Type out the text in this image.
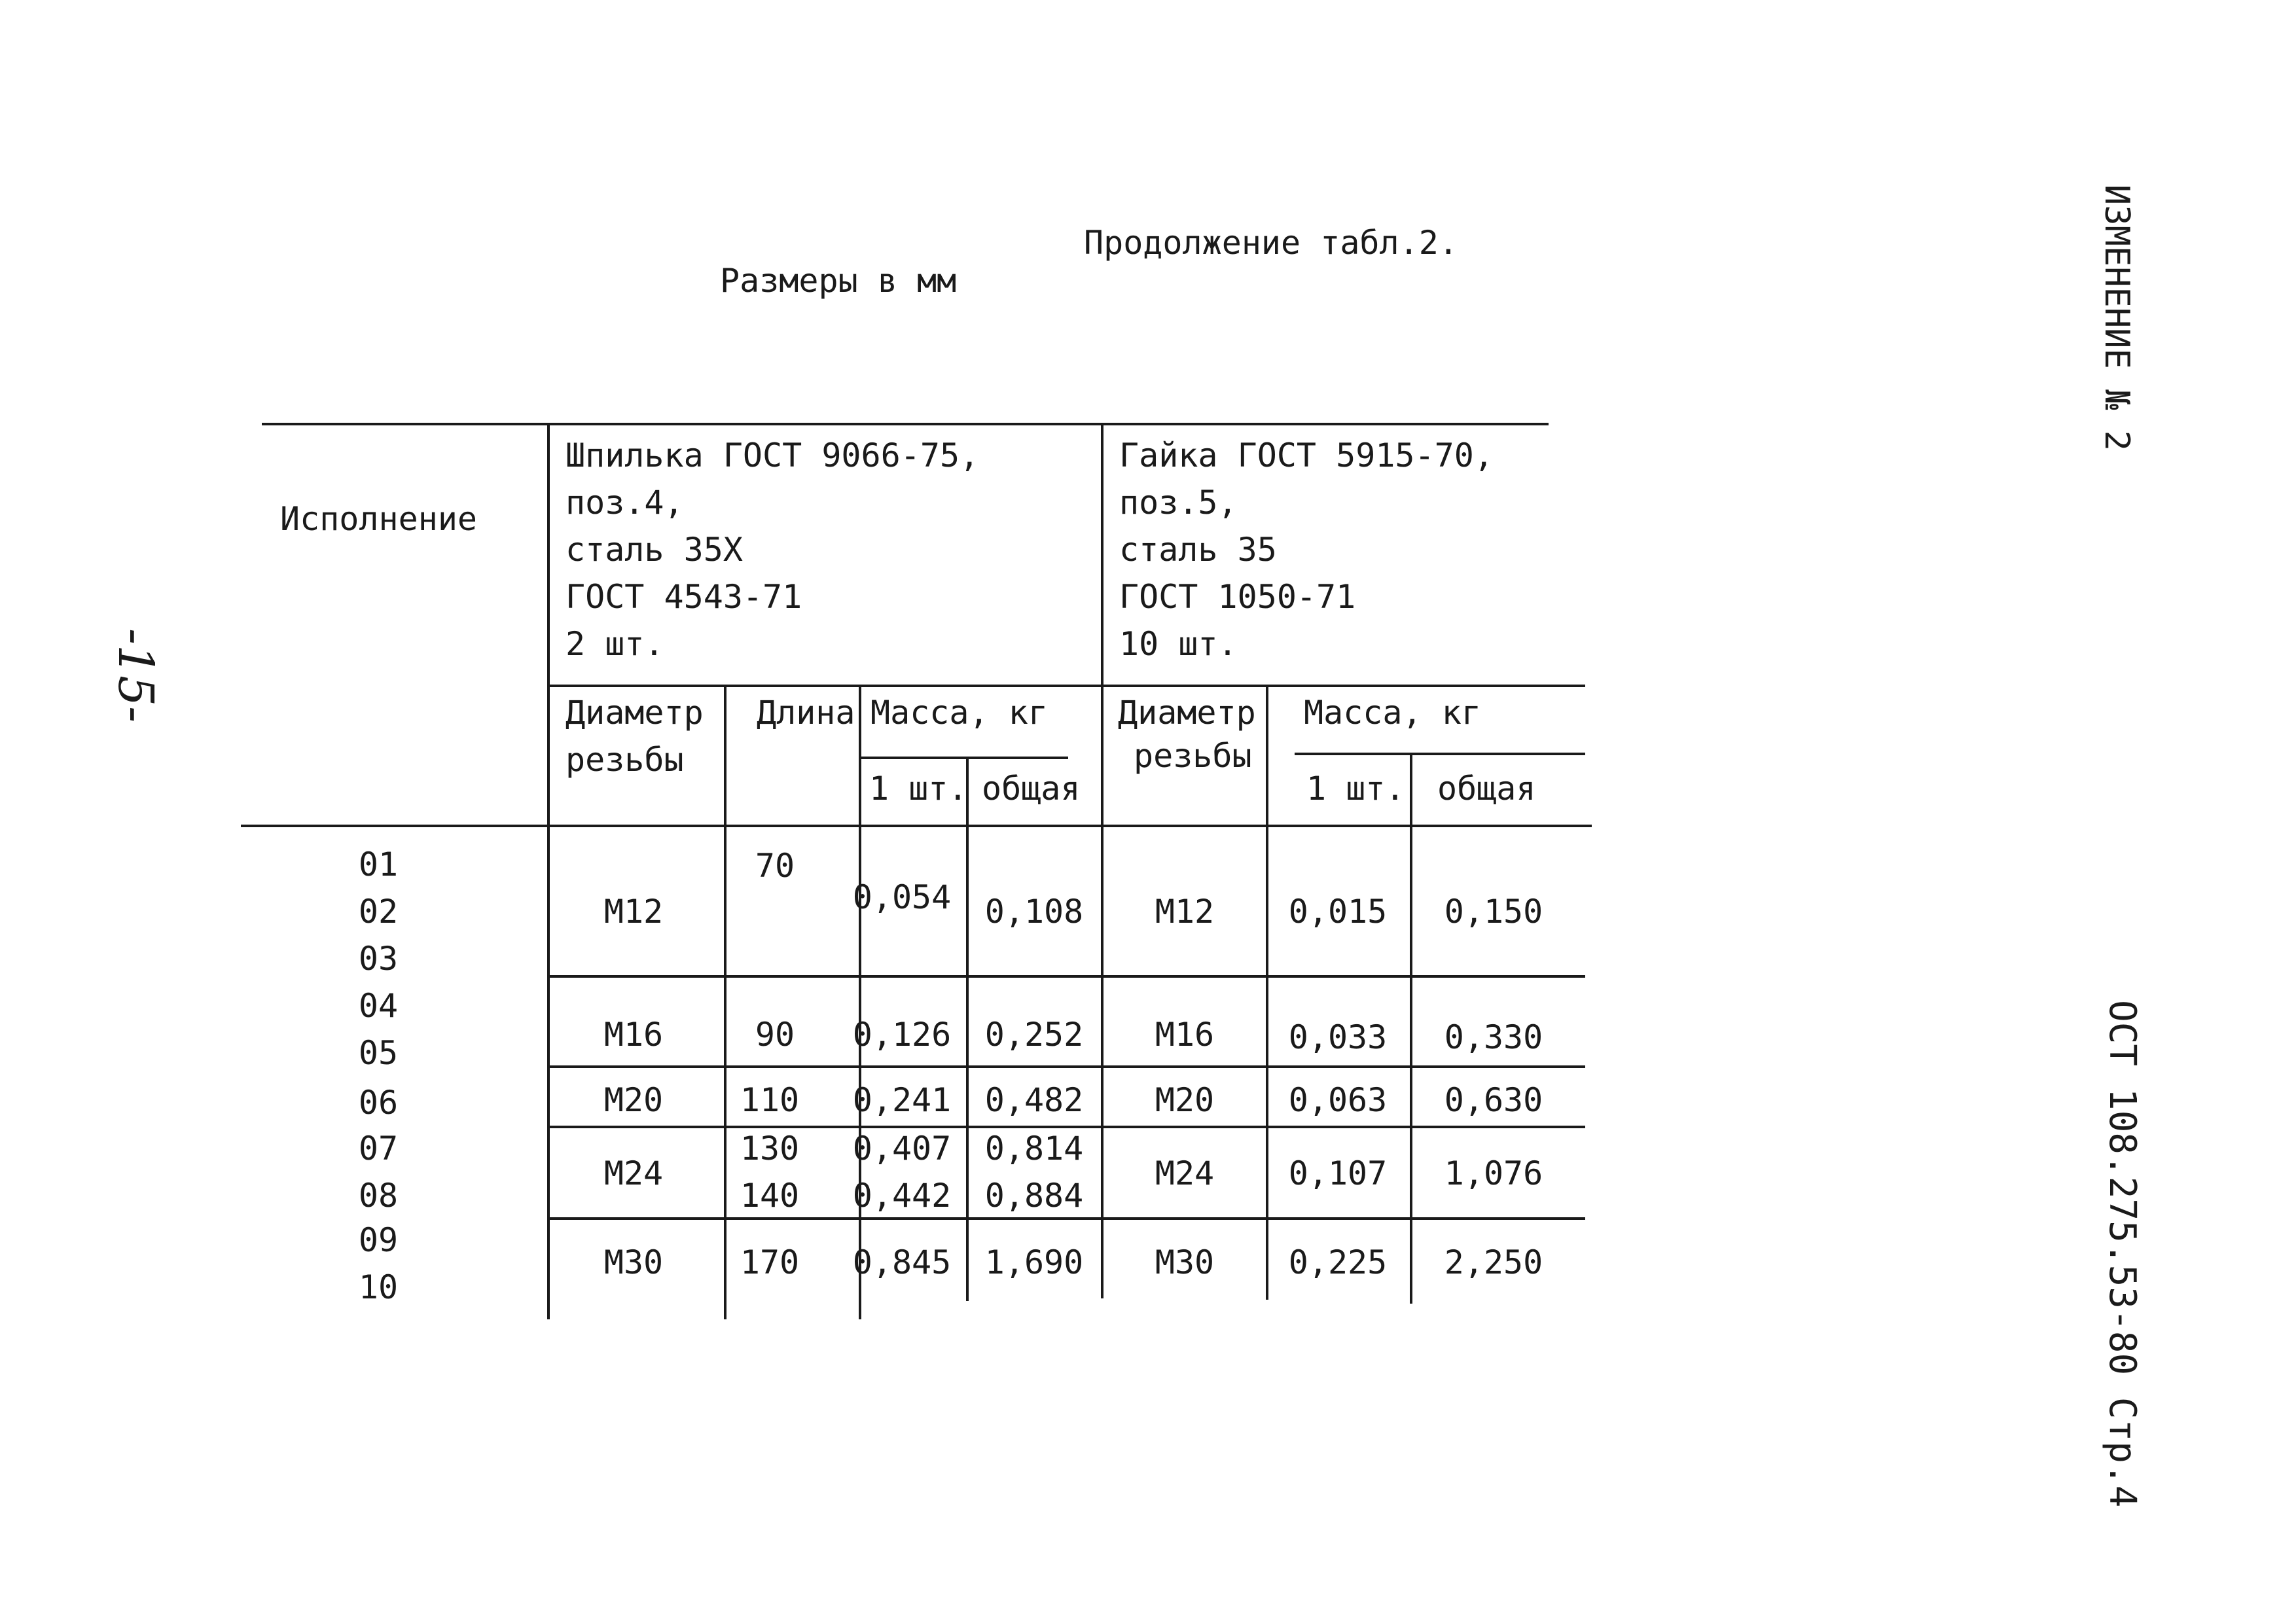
Продолжение табл.2.
Размеры в мм	ИЗМЕНЕНИЕ № 2
ОСТ 108.275.53-80 Стр.4
-15-
Исполнение
Шпилька ГОСТ 9066-75,
поз.4,
сталь 35Х
ГОСТ 4543-71
2 шт.
Гайка ГОСТ 5915-70,
поз.5,
сталь 35
ГОСТ 1050-71
10 шт.
Диаметр
резьбы
Длина Масса, кг
1 шт. общая
Диаметр
резьбы
Масса, кг
1 шт. общая
01
02
03
04
05
06
07
08
09
10
М12
70
0,054 0,108 М12 0,015 0,150
М16	90 0,126 0,252 М16 0,033 0,330
М20 110 0,241 0,482 М20 0,063 0,630
М24
130
140
0,407
0,442
0,814
0,884
М24 0,107 1,076
М30 170 0,845 1,690 М30 0,225 2,250
